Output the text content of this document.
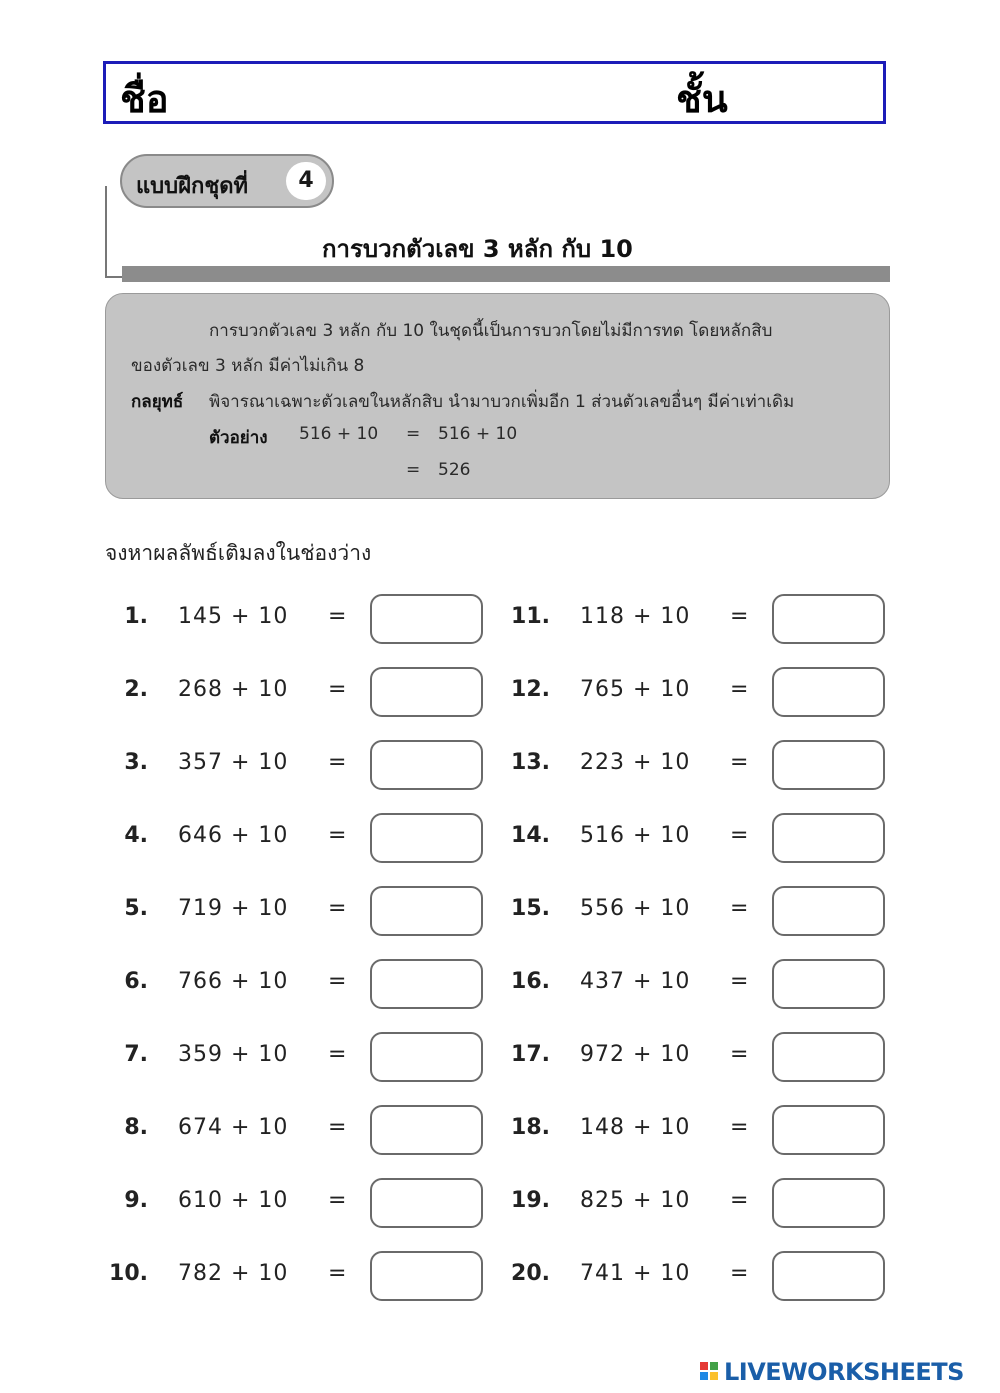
ชื่อ	ชั้น
แบบฝึกชุดที่	4
การบวกตัวเลข 3 หลัก กับ 10
การบวกตัวเลข 3 หลัก กับ 10 ในชุดนี้เป็นการบวกโดยไม่มีการทด โดยหลักสิบ
ของตัวเลข 3 หลัก มีค่าไม่เกิน 8
กลยุทธ์ พิจารณาเฉพาะตัวเลขในหลักสิบ นำมาบวกเพิ่มอีก 1 ส่วนตัวเลขอื่นๆ มีค่าเท่าเดิม
ตัวอย่าง 516 + 10 = 516 + 10
= 526
จงหาผลลัพธ์เติมลงในช่องว่าง
1. 145 + 10 =
2. 268 + 10 =
3. 357 + 10 =
4. 646 + 10 =
5. 719 + 10 =
6. 766 + 10 =
7. 359 + 10 =
8. 674 + 10 =
9. 610 + 10 =
10. 782 + 10 =
11. 118 + 10 =
12. 765 + 10 =
13. 223 + 10 =
14. 516 + 10 =
15. 556 + 10 =
16. 437 + 10 =
17. 972 + 10 =
18. 148 + 10 =
19. 825 + 10 =
20. 741 + 10 =
LIVEWORKSHEETS
